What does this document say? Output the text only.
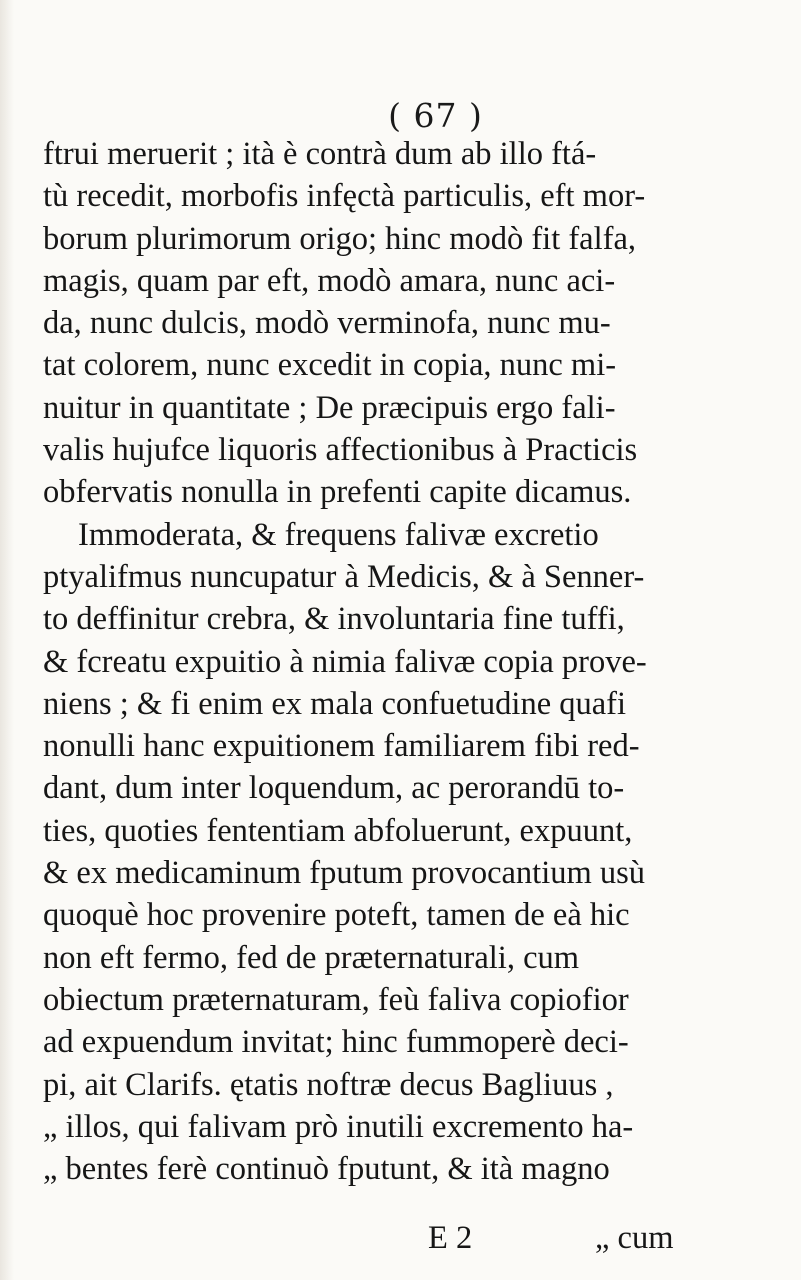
( 67 )
ftrui meruerit ; ità è contrà dum ab illo ftá-
tù recedit, morbofis infęctà particulis, eft mor-
borum plurimorum origo; hinc modò fit falfa,
magis, quam par eft, modò amara, nunc aci-
da, nunc dulcis, modò verminofa, nunc mu-
tat colorem, nunc excedit in copia, nunc mi-
nuitur in quantitate ; De præcipuis ergo fali-
valis hujufce liquoris affectionibus à Practicis
obfervatis nonulla in prefenti capite dicamus.
Immoderata, & frequens falivæ excretio
ptyalifmus nuncupatur à Medicis, & à Senner-
to deffinitur crebra, & involuntaria fine tuffi,
& fcreatu expuitio à nimia falivæ copia prove-
niens ; & fi enim ex mala confuetudine quafi
nonulli hanc expuitionem familiarem fibi red-
dant, dum inter loquendum, ac perorandū to-
ties, quoties fententiam abfoluerunt, expuunt,
& ex medicaminum fputum provocantium usù
quoquè hoc provenire poteft, tamen de eà hic
non eft fermo, fed de præternaturali, cum
obiectum præternaturam, feù faliva copiofior
ad expuendum invitat; hinc fummoperè deci-
pi, ait Clarifs. ętatis noftræ decus Bagliuus ,
„ illos, qui falivam prò inutili excremento ha-
„ bentes ferè continuò fputunt, & ità magno
E 2	„ cum
